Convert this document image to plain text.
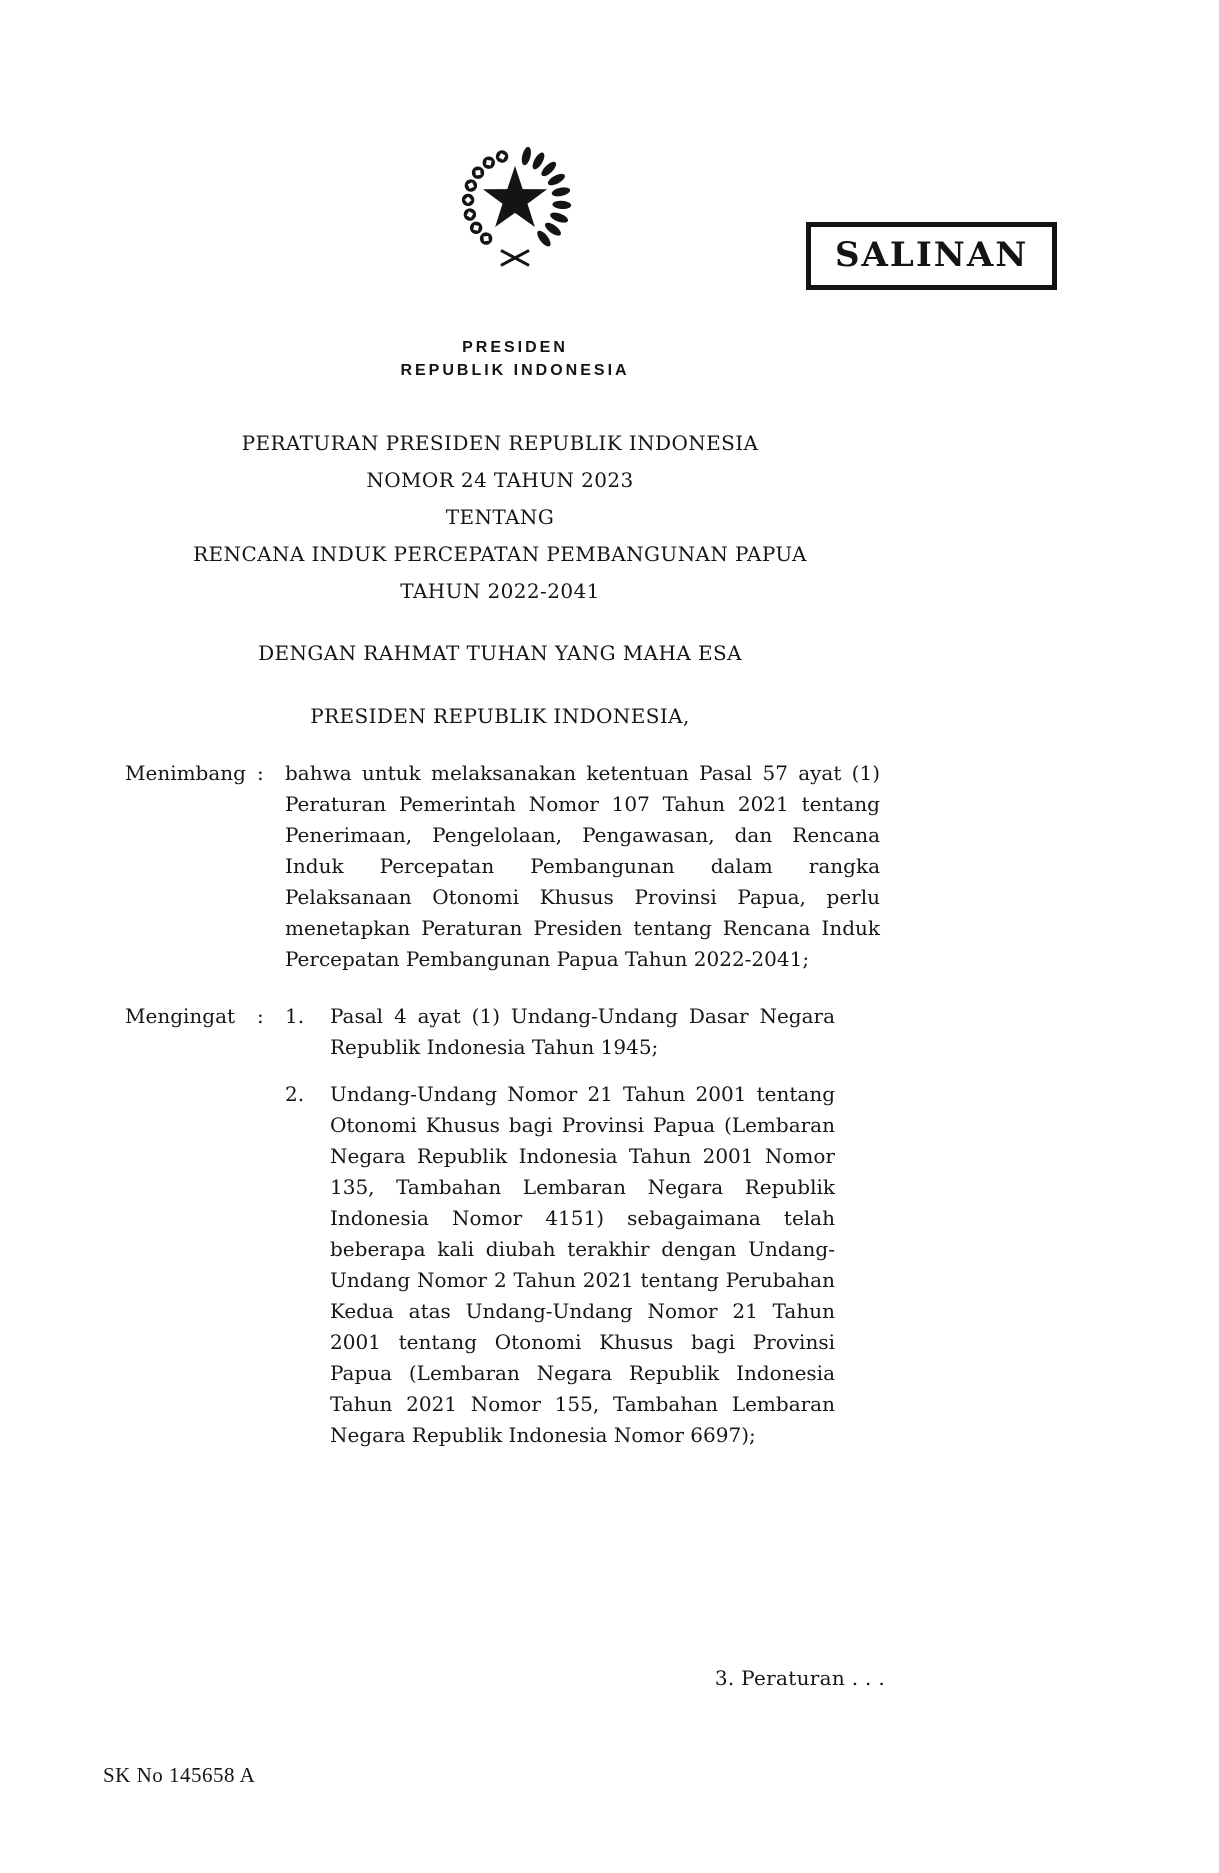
SALINAN
PRESIDEN
REPUBLIK INDONESIA
PERATURAN PRESIDEN REPUBLIK INDONESIA
NOMOR 24 TAHUN 2023
TENTANG
RENCANA INDUK PERCEPATAN PEMBANGUNAN PAPUA
TAHUN 2022-2041
DENGAN RAHMAT TUHAN YANG MAHA ESA
PRESIDEN REPUBLIK INDONESIA,
Menimbang :	bahwa untuk melaksanakan ketentuan Pasal 57 ayat (1) Peraturan Pemerintah Nomor 107 Tahun 2021 tentang Penerimaan, Pengelolaan, Pengawasan, dan Rencana Induk Percepatan Pembangunan dalam rangka Pelaksanaan Otonomi Khusus Provinsi Papua, perlu menetapkan Peraturan Presiden tentang Rencana Induk Percepatan Pembangunan Papua Tahun 2022-2041;
Mengingat	:	1.	Pasal 4 ayat (1) Undang-Undang Dasar Negara Republik Indonesia Tahun 1945;
2.	Undang-Undang Nomor 21 Tahun 2001 tentang Otonomi Khusus bagi Provinsi Papua (Lembaran Negara Republik Indonesia Tahun 2001 Nomor 135, Tambahan Lembaran Negara Republik Indonesia Nomor 4151) sebagaimana telah beberapa kali diubah terakhir dengan Undang-Undang Nomor 2 Tahun 2021 tentang Perubahan Kedua atas Undang-Undang Nomor 21 Tahun 2001 tentang Otonomi Khusus bagi Provinsi Papua (Lembaran Negara Republik Indonesia Tahun 2021 Nomor 155, Tambahan Lembaran Negara Republik Indonesia Nomor 6697);
3. Peraturan . . .
SK No 145658 A
